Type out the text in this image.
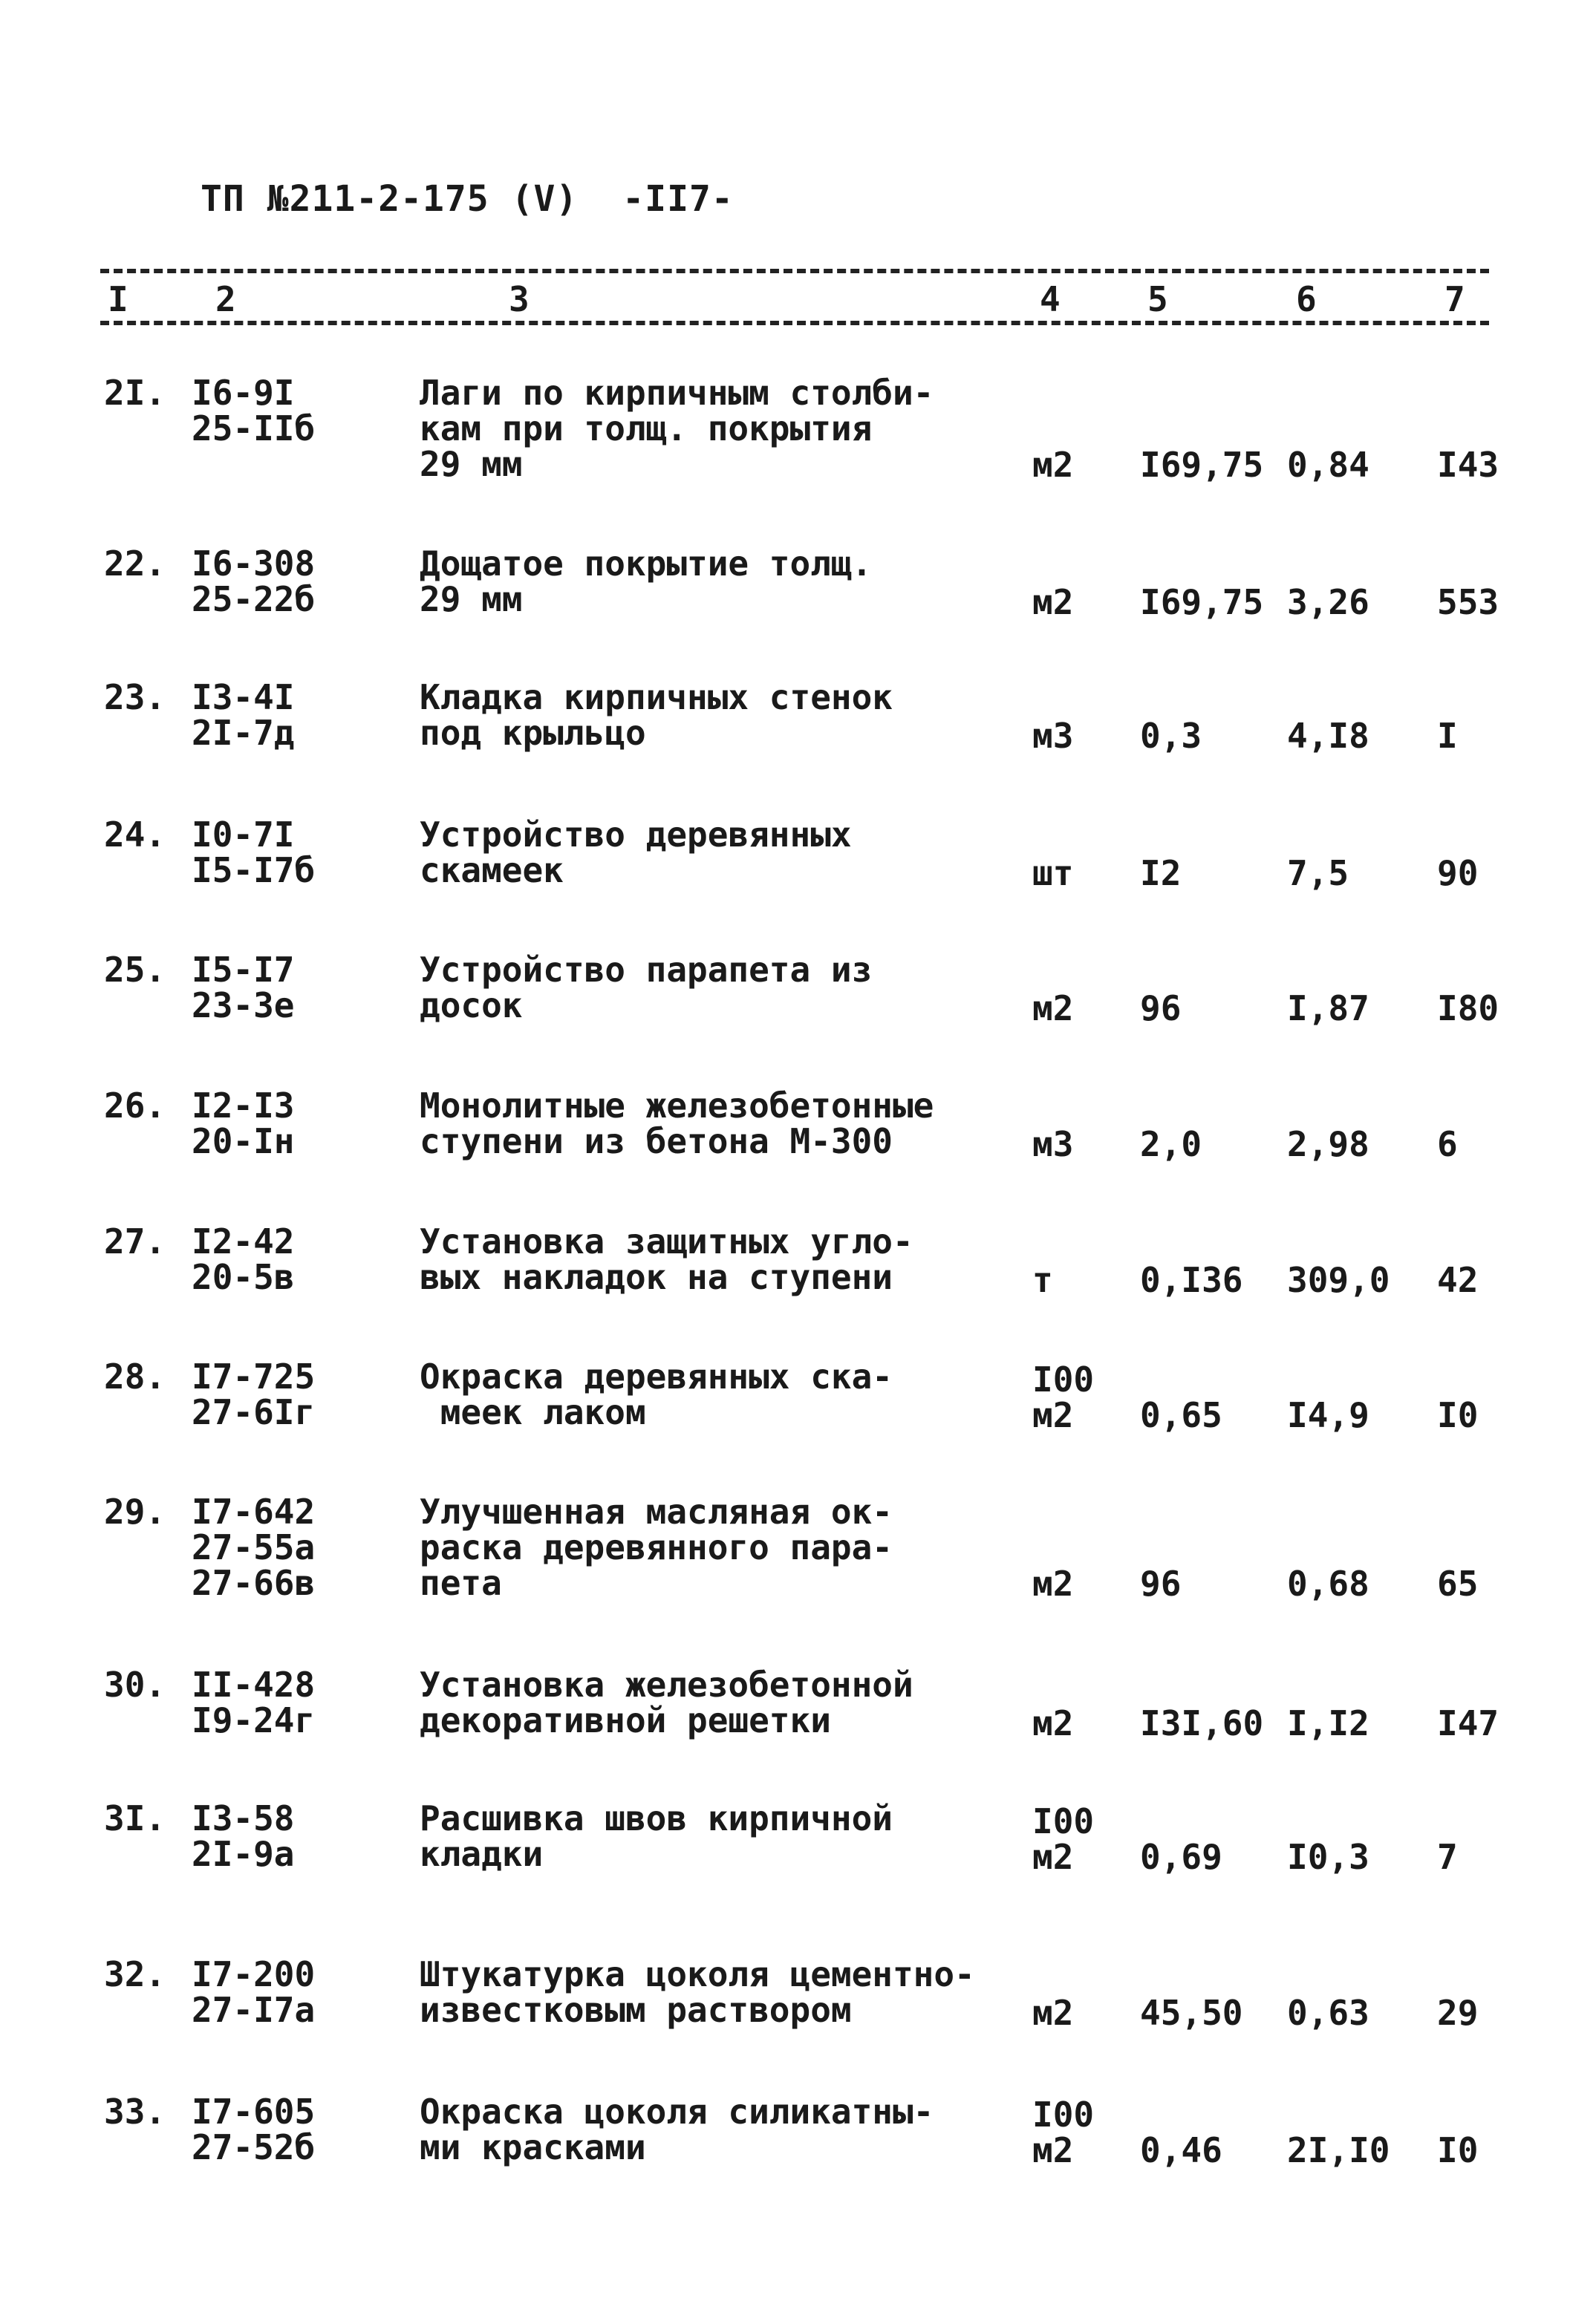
ТП №211-2-175 (V) -II7-
I	2	3	4	5	6	7
2I. I6-9I
25-IIб
Лаги по кирпичным столби-
кам при толщ. покрытия
29 мм	м2 I69,75 0,84 I43
22. I6-308
25-22б
Дощатое покрытие толщ.
29 мм	м2 I69,75 3,26 553
23. I3-4I
2I-7д
Кладка кирпичных стенок
под крыльцо	м3 0,3 4,I8 I
24. I0-7I
I5-I7б
Устройство деревянных
скамеек	шт I2	7,5	90
25. I5-I7
23-3е
Устройство парапета из
досок	м2 96	I,87 I80
26. I2-I3
20-Iн
Монолитные железобетонные
ступени из бетона М-300	м3 2,0 2,98 6
27. I2-42
20-5в
Установка защитных угло-
вых накладок на ступени	т	0,I36 309,0 42
28. I7-725
27-6Iг
Окраска деревянных ска-
меек лаком
I00
м2	0,65 I4,9 I0
29. I7-642
27-55а
27-66в
Улучшенная масляная ок-
раска деревянного пара-
пета	м2 96	0,68 65
30. II-428
I9-24г
Установка железобетонной
декоративной решетки	м2 I3I,60 I,I2 I47
3I. I3-58
2I-9а
Расшивка швов кирпичной
кладки
I00
м2	0,69 I0,3 7
32. I7-200
27-I7а
Штукатурка цоколя цементно-
известковым раствором	м2 45,50 0,63 29
33. I7-605
27-52б
Окраска цоколя силикатны-
ми красками
I00
м2	0,46 2I,I0 I0
